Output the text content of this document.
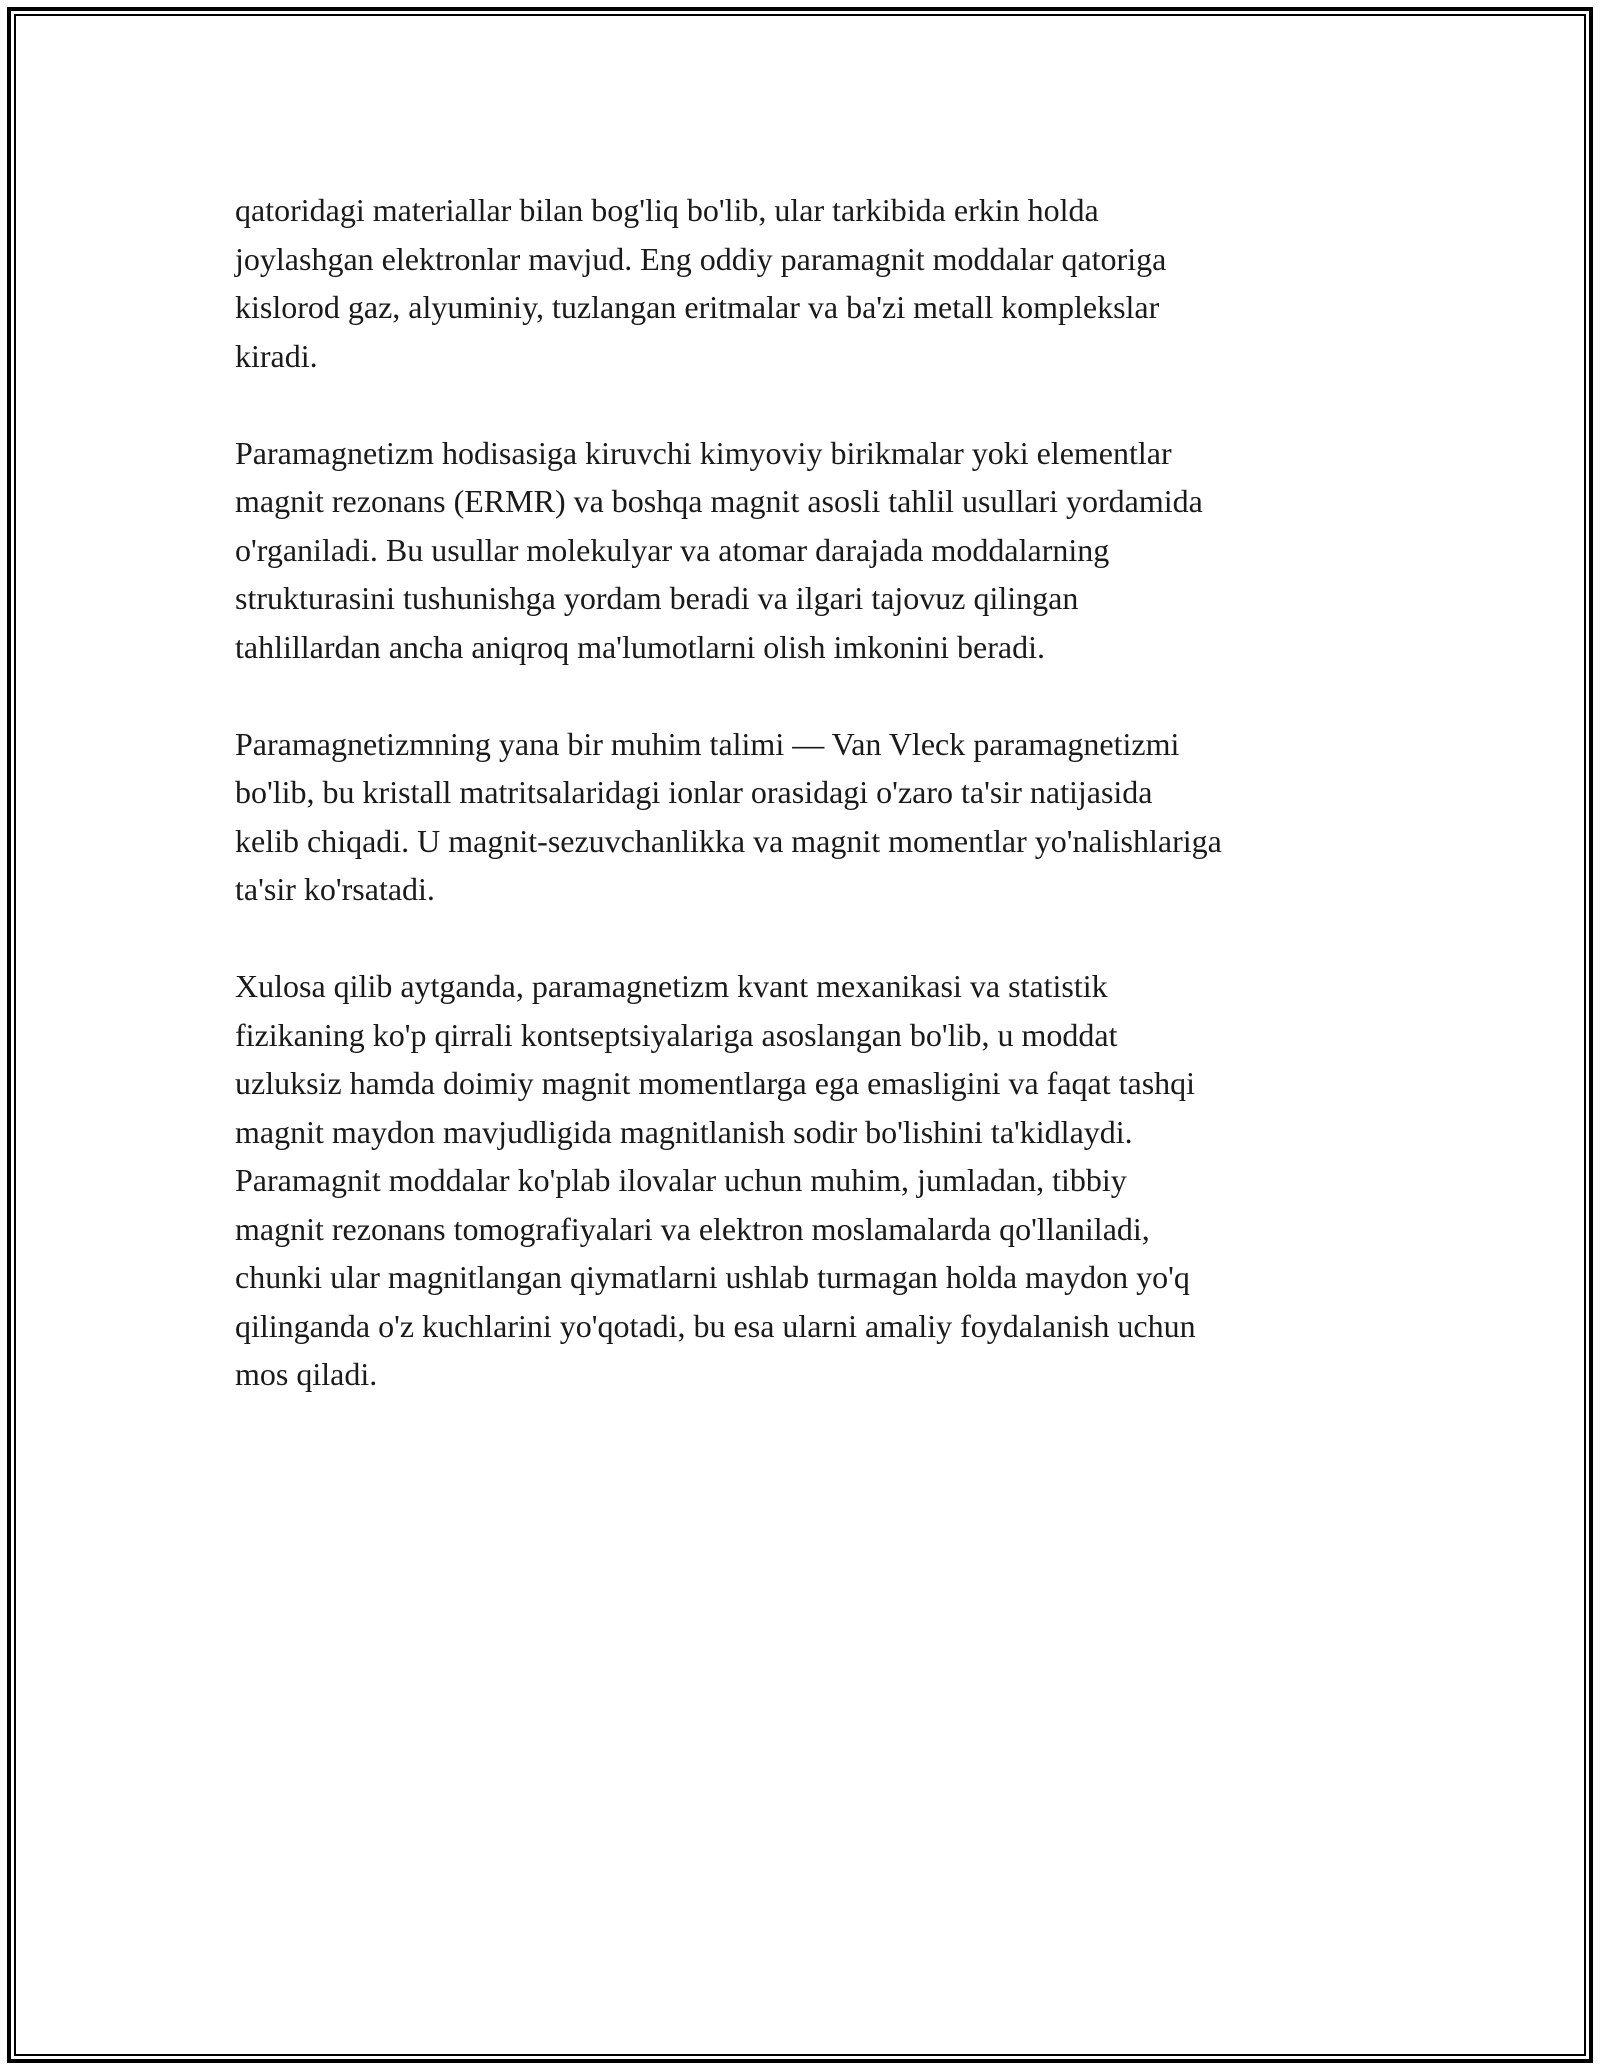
qatoridagi materiallar bilan bog'liq bo'lib, ular tarkibida erkin holda
joylashgan elektronlar mavjud. Eng oddiy paramagnit moddalar qatoriga
kislorod gaz, alyuminiy, tuzlangan eritmalar va ba'zi metall komplekslar
kiradi.

Paramagnetizm hodisasiga kiruvchi kimyoviy birikmalar yoki elementlar
magnit rezonans (ERMR) va boshqa magnit asosli tahlil usullari yordamida
o'rganiladi. Bu usullar molekulyar va atomar darajada moddalarning
strukturasini tushunishga yordam beradi va ilgari tajovuz qilingan
tahlillardan ancha aniqroq ma'lumotlarni olish imkonini beradi.

Paramagnetizmning yana bir muhim talimi — Van Vleck paramagnetizmi
bo'lib, bu kristall matritsalaridagi ionlar orasidagi o'zaro ta'sir natijasida
kelib chiqadi. U magnit-sezuvchanlikka va magnit momentlar yo'nalishlariga
ta'sir ko'rsatadi.

Xulosa qilib aytganda, paramagnetizm kvant mexanikasi va statistik
fizikaning ko'p qirrali kontseptsiyalariga asoslangan bo'lib, u moddat
uzluksiz hamda doimiy magnit momentlarga ega emasligini va faqat tashqi
magnit maydon mavjudligida magnitlanish sodir bo'lishini ta'kidlaydi.
Paramagnit moddalar ko'plab ilovalar uchun muhim, jumladan, tibbiy
magnit rezonans tomografiyalari va elektron moslamalarda qo'llaniladi,
chunki ular magnitlangan qiymatlarni ushlab turmagan holda maydon yo'q
qilinganda o'z kuchlarini yo'qotadi, bu esa ularni amaliy foydalanish uchun
mos qiladi.
